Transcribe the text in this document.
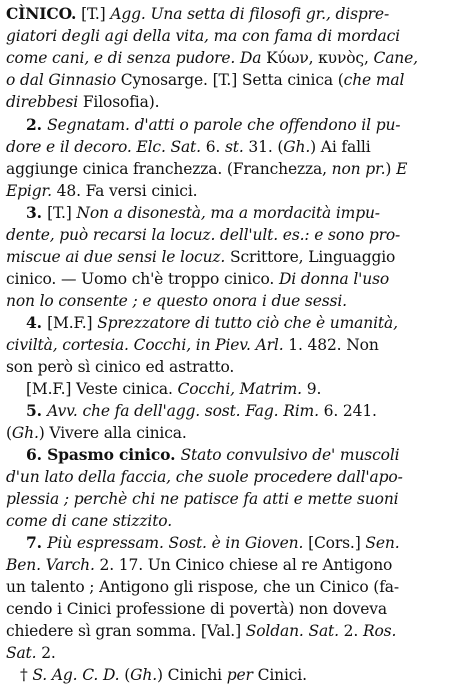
CÌNICO. [T.] Agg. Una setta di filosofi gr., dispre-
giatori degli agi della vita, ma con fama di mordaci
come cani, e di senza pudore. Da Κύων, κυνὸς, Cane,
o dal Ginnasio Cynosarge. [T.] Setta cinica (che mal
direbbesi Filosofia).
2. Segnatam. d'atti o parole che offendono il pu-
dore e il decoro. Elc. Sat. 6. st. 31. (Gh.) Ai falli
aggiunge cinica franchezza. (Franchezza, non pr.) E
Epigr. 48. Fa versi cinici.
3. [T.] Non a disonestà, ma a mordacità impu-
dente, può recarsi la locuz. dell'ult. es.: e sono pro-
miscue ai due sensi le locuz. Scrittore, Linguaggio
cinico. — Uomo ch'è troppo cinico. Di donna l'uso
non lo consente ; e questo onora i due sessi.
4. [M.F.] Sprezzatore di tutto ciò che è umanità,
civiltà, cortesia. Cocchi, in Piev. Arl. 1. 482. Non
son però sì cinico ed astratto.
[M.F.] Veste cinica. Cocchi, Matrim. 9.
5. Avv. che fa dell'agg. sost. Fag. Rim. 6. 241.
(Gh.) Vivere alla cinica.
6. Spasmo cinico. Stato convulsivo de' muscoli
d'un lato della faccia, che suole procedere dall'apo-
plessia ; perchè chi ne patisce fa atti e mette suoni
come di cane stizzito.
7. Più espressam. Sost. è in Gioven. [Cors.] Sen.
Ben. Varch. 2. 17. Un Cinico chiese al re Antigono
un talento ; Antigono gli rispose, che un Cinico (fa-
cendo i Cinici professione di povertà) non doveva
chiedere sì gran somma. [Val.] Soldan. Sat. 2. Ros.
Sat. 2.
† S. Ag. C. D. (Gh.) Cinichi per Cinici.
